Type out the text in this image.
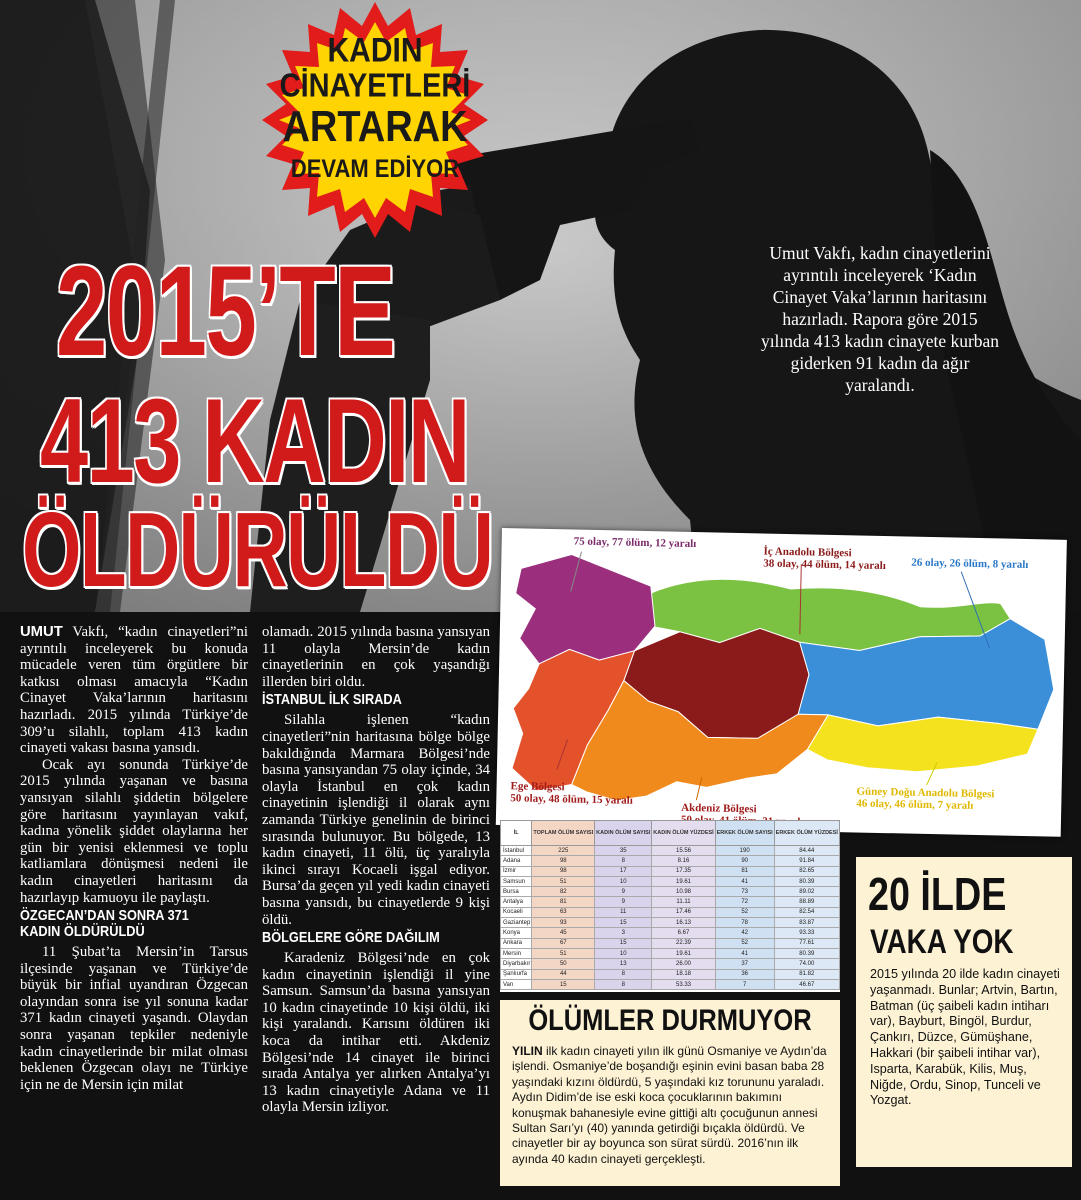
KADIN
CİNAYETLERİ
ARTARAK
DEVAM EDİYOR
2015’TE
413 KADIN
ÖLDÜRÜLDÜ
Umut Vakfı, kadın cinayetlerini ayrıntılı inceleyerek ‘Kadın Cinayet Vaka’larının haritasını hazırladı. Rapora göre 2015 yılında 413 kadın cinayete kurban giderken 91 kadın da ağır yaralandı.
75 olay, 77 ölüm, 12 yaralı
İç Anadolu Bölgesi
38 olay, 44 ölüm, 14 yaralı 26 olay, 26 ölüm, 8 yaralı
Ege Bölgesi
50 olay, 48 ölüm, 15 yaralı
Akdeniz Bölgesi
Güney Doğu Anadolu Bölgesi
46 olay, 46 ölüm, 7 yaralı
İL	TOPLAM ÖLÜM SAYISI	KADIN ÖLÜM SAYISI	KADIN ÖLÜM YÜZDESİ	ERKEK ÖLÜM SAYISI	ERKEK ÖLÜM YÜZDESİ
İstanbul	225	35	15.56	190	84.44
Adana	98	8	8.16	90	91.84
İzmir	98	17	17.35	81	82.65
Samsun	51	10	19.61	41	80.39
Bursa	82	9	10.98	73	89.02
Antalya	81	9	11.11	72	88.89
Kocaeli	63	11	17.46	52	82.54
Gaziantep	93	15	16.13	78	83.87
Konya	45	3	6.67	42	93.33
Ankara	67	15	22.39	52	77.61
Mersin	51	10	19.61	41	80.39
Diyarbakır	50	13	26.00	37	74.00
Şanlıurfa	44	8	18.18	36	81.82
Van	15	8	53.33	7	46.67

UMUT Vakfı, “kadın cinayetleri”ni ayrıntılı inceleyerek bu konuda mücadele veren tüm örgütlere bir katkısı olması amacıyla “Kadın Cinayet Vaka’larının haritasını hazırladı. 2015 yılında Türkiye’de 309’u silahlı, toplam 413 kadın cinayeti vakası basına yansıdı.

Ocak ayı sonunda Türkiye’de 2015 yılında yaşanan ve basına yansıyan silahlı şiddetin bölgelere göre haritasını yayınlayan vakıf, kadına yönelik şiddet olaylarına her gün bir yenisi eklenmesi ve toplu katliamlara dönüşmesi nedeni ile kadın cinayetleri haritasını da hazırlayıp kamuoyu ile paylaştı.

ÖZGECAN’DAN SONRA 371
KADIN ÖLDÜRÜLDÜ

11 Şubat’ta Mersin’in Tarsus ilçesinde yaşanan ve Türkiye’de büyük bir infial uyandıran Özgecan olayından sonra ise yıl sonuna kadar 371 kadın cinayeti yaşandı. Olaydan sonra yaşanan tepkiler nedeniyle kadın cinayetlerinde bir milat olması beklenen Özgecan olayı ne Türkiye için ne de Mersin için milat

olamadı. 2015 yılında basına yansıyan 11 olayla Mersin’de kadın cinayetlerinin en çok yaşandığı illerden biri oldu.

İSTANBUL İLK SIRADA

Silahla işlenen “kadın cinayetleri”nin haritasına bölge bölge bakıldığında Marmara Bölgesi’nde basına yansıyandan 75 olay içinde, 34 olayla İstanbul en çok kadın cinayetinin işlendiği il olarak aynı zamanda Türkiye genelinin de birinci sırasında bulunuyor. Bu bölgede, 13 kadın cinayeti, 11 ölü, üç yaralıyla ikinci sırayı Kocaeli işgal ediyor. Bursa’da geçen yıl yedi kadın cinayeti basına yansıdı, bu cinayetlerde 9 kişi öldü.

BÖLGELERE GÖRE DAĞILIM

Karadeniz Bölgesi’nde en çok kadın cinayetinin işlendiği il yine Samsun. Samsun’da basına yansıyan 10 kadın cinayetinde 10 kişi öldü, iki kişi yaralandı. Karısını öldüren iki koca da intihar etti. Akdeniz Bölgesi’nde 14 cinayet ile birinci sırada Antalya yer alırken Antalya’yı 13 kadın cinayetiyle Adana ve 11 olayla Mersin izliyor.

ÖLÜMLER DURMUYOR
YILIN ilk kadın cinayeti yılın ilk günü Osmaniye ve Aydın’da işlendi. Osmaniye’de boşandığı eşinin evini basan baba 28 yaşındaki kızını öldürdü, 5 yaşındaki kız torununu yaraladı. Aydın Didim’de ise eski koca çocuklarının bakımını konuşmak bahanesiyle evine gittiği altı çocuğunun annesi Sultan Sarı’yı (40) yanında getirdiği bıçakla öldürdü. Ve cinayetler bir ay boyunca son sürat sürdü. 2016’nın ilk ayında 40 kadın cinayeti gerçekleşti.
20 İLDE
VAKA YOK
2015 yılında 20 ilde kadın cinayeti yaşanmadı. Bunlar; Artvin, Bartın, Batman (üç şaibeli kadın intiharı var), Bayburt, Bingöl, Burdur, Çankırı, Düzce, Gümüşhane, Hakkari (bir şaibeli intihar var), Isparta, Karabük, Kilis, Muş, Niğde, Ordu, Sinop, Tunceli ve Yozgat.
